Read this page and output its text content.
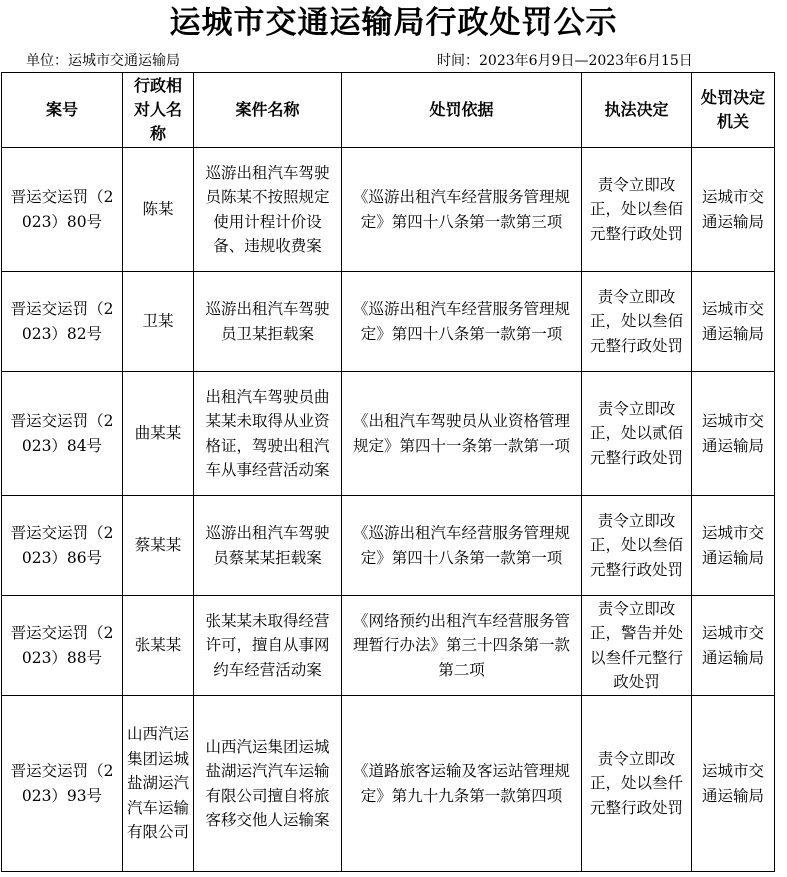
运城市交通运输局行政处罚公示
单位：运城市交通运输局	时间：2023年6月9日—2023年6月15日
案号	行政相对人名称	案件名称	处罚依据	执法决定	处罚决定机关
晋运交运罚（2023）80号	陈某	巡游出租汽车驾驶员陈某不按照规定使用计程计价设备、违规收费案	《巡游出租汽车经营服务管理规定》第四十八条第一款第三项	责令立即改正，处以叁佰元整行政处罚	运城市交通运输局
晋运交运罚（2023）82号	卫某	巡游出租汽车驾驶员卫某拒载案	《巡游出租汽车经营服务管理规定》第四十八条第一款第一项	责令立即改正，处以叁佰元整行政处罚	运城市交通运输局
晋运交运罚（2023）84号	曲某某	出租汽车驾驶员曲某某未取得从业资格证，驾驶出租汽车从事经营活动案	《出租汽车驾驶员从业资格管理规定》第四十一条第一款第一项	责令立即改正，处以贰佰元整行政处罚	运城市交通运输局
晋运交运罚（2023）86号	蔡某某	巡游出租汽车驾驶员蔡某某拒载案	《巡游出租汽车经营服务管理规定》第四十八条第一款第一项	责令立即改正，处以叁佰元整行政处罚	运城市交通运输局
晋运交运罚（2023）88号	张某某	张某某未取得经营许可，擅自从事网约车经营活动案	《网络预约出租汽车经营服务管理暂行办法》第三十四条第一款第二项	责令立即改正，警告并处以叁仟元整行政处罚	运城市交通运输局
晋运交运罚（2023）93号	山西汽运集团运城盐湖运汽汽车运输有限公司	山西汽运集团运城盐湖运汽汽车运输有限公司擅自将旅客移交他人运输案	《道路旅客运输及客运站管理规定》第九十九条第一款第四项	责令立即改正，处以叁仟元整行政处罚	运城市交通运输局
